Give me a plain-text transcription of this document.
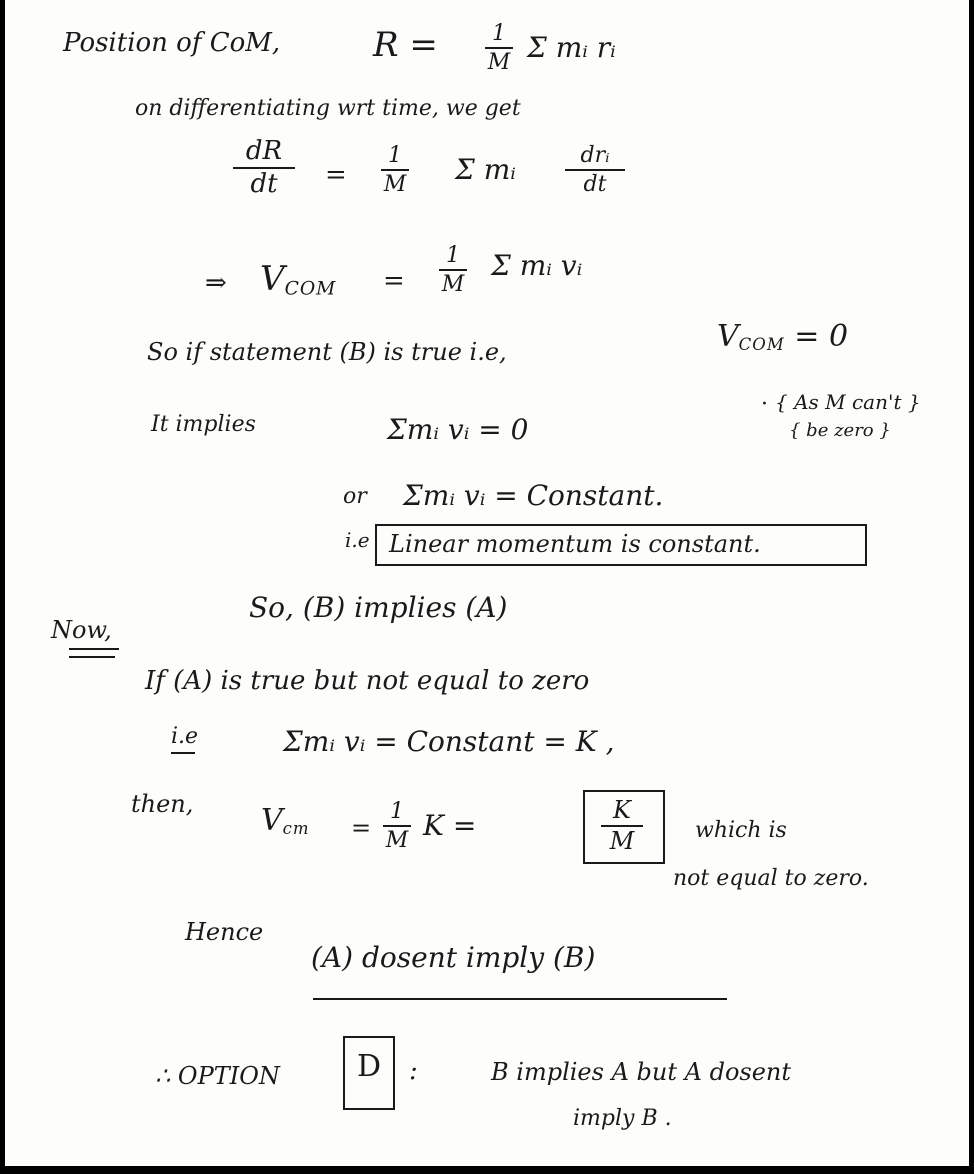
Position of CoM,	R =	1
M Σ mᵢ rᵢ
on differentiating wrt time, we get
dR
dt	=
1
M Σ mᵢ	drᵢ
dt
⇒ $V_{COM}$ =
1
M
Σ mᵢ vᵢ
So if statement (B) is true i.e,	$V_{COM} = 0$
It implies	Σmᵢ vᵢ = 0
· { As M can't }
{ be zero }
or Σmᵢ vᵢ = Constant.
i.e Linear momentum is constant.
So, (B) implies (A)
Now,
If (A) is true but not equal to zero
i.e	Σmᵢ vᵢ = Constant = K ,
then, $V_{cm}$ =
1
M K =	K
M	which is
not equal to zero.
Hence
(A) dosent imply (B)
∴ OPTION	D :	B implies A but A dosent
imply B .
